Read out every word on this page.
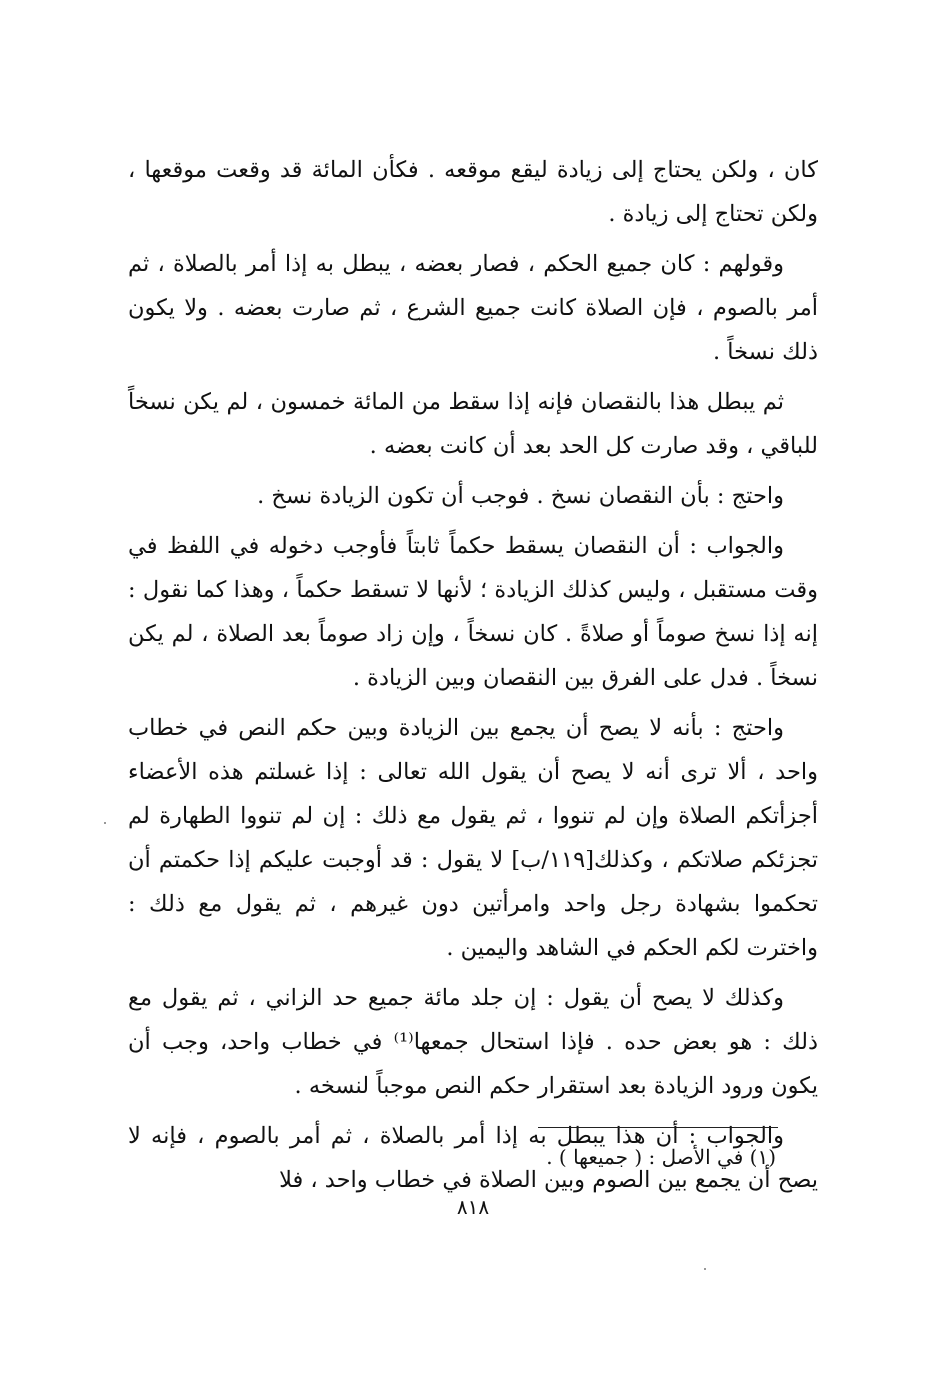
كان ، ولكن يحتاج إلى زيادة ليقع موقعه . فكأن المائة قد وقعت موقعها ، ولكن تحتاج إلى زيادة .

وقولهم : كان جميع الحكم ، فصار بعضه ، يبطل به إذا أمر بالصلاة ، ثم أمر بالصوم ، فإن الصلاة كانت جميع الشرع ، ثم صارت بعضه . ولا يكون ذلك نسخاً .

ثم يبطل هذا بالنقصان فإنه إذا سقط من المائة خمسون ، لم يكن نسخاً للباقي ، وقد صارت كل الحد بعد أن كانت بعضه .

واحتج : بأن النقصان نسخ . فوجب أن تكون الزيادة نسخ .

والجواب : أن النقصان يسقط حكماً ثابتاً فأوجب دخوله في اللفظ في وقت مستقبل ، وليس كذلك الزيادة ؛ لأنها لا تسقط حكماً ، وهذا كما نقول : إنه إذا نسخ صوماً أو صلاةً . كان نسخاً ، وإن زاد صوماً بعد الصلاة ، لم يكن نسخاً . فدل على الفرق بين النقصان وبين الزيادة .

واحتج : بأنه لا يصح أن يجمع بين الزيادة وبين حكم النص في خطاب واحد ، ألا ترى أنه لا يصح أن يقول الله تعالى : إذا غسلتم هذه الأعضاء أجزأتكم الصلاة وإن لم تنووا ، ثم يقول مع ذلك : إن لم تنووا الطهارة لم تجزئكم صلاتكم ، وكذلك[١١٩/ب] لا يقول : قد أوجبت عليكم إذا حكمتم أن تحكموا بشهادة رجل واحد وامرأتين دون غيرهم ، ثم يقول مع ذلك : واخترت لكم الحكم في الشاهد واليمين .

وكذلك لا يصح أن يقول : إن جلد مائة جميع حد الزاني ، ثم يقول مع ذلك : هو بعض حده . فإذا استحال جمعها⁽¹⁾ في خطاب واحد، وجب أن يكون ورود الزيادة بعد استقرار حكم النص موجباً لنسخه .

والجواب : أن هذا يبطل به إذا أمر بالصلاة ، ثم أمر بالصوم ، فإنه لا يصح أن يجمع بين الصوم وبين الصلاة في خطاب واحد ، فلا

(١) في الأصل : ( جميعها ) .
٨١٨
